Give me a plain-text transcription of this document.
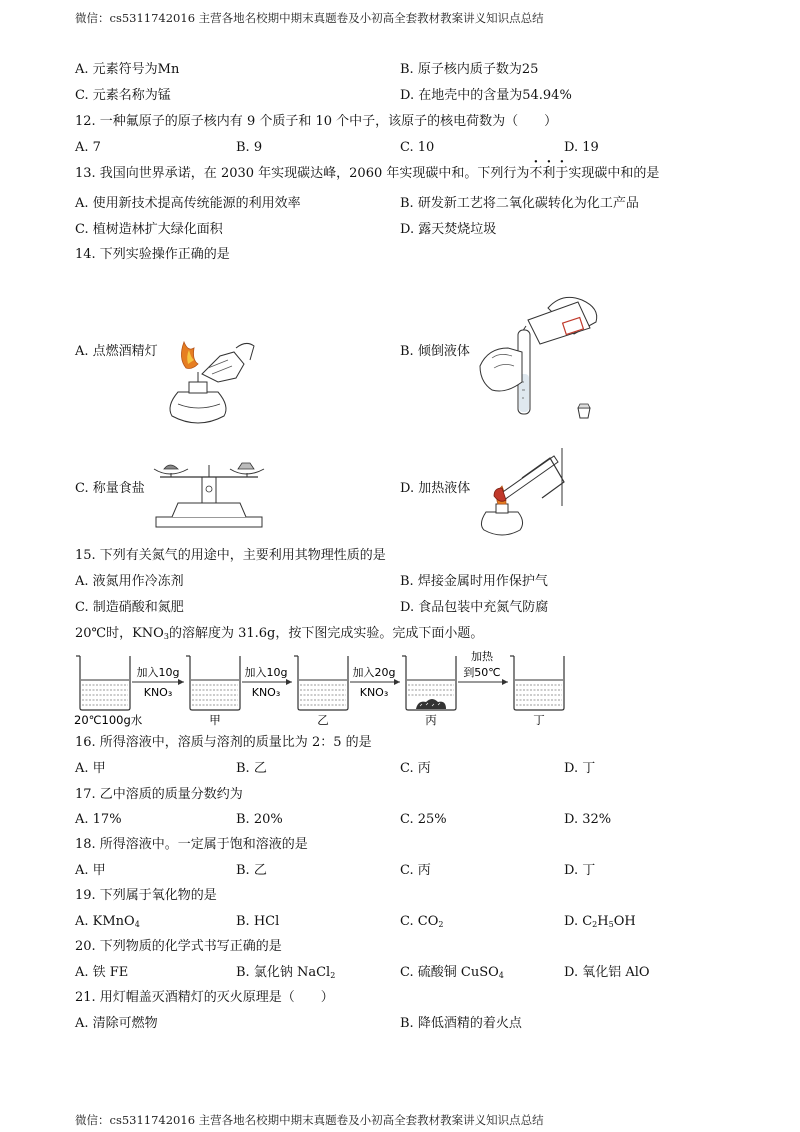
微信：cs5311742016 主营各地名校期中期末真题卷及小初高全套教材教案讲义知识点总结
A. 元素符号为Mn	B. 原子核内质子数为25
C. 元素名称为锰	D. 在地壳中的含量为54.94%
12. 一种氟原子的原子核内有 9 个质子和 10 个中子，该原子的核电荷数为（　　）
A. 7	B. 9	C. 10	D. 19
13. 我国向世界承诺，在 2030 年实现碳达峰，2060 年实现碳中和。下列行为不利于实现碳中和的是
A. 使用新技术提高传统能源的利用效率	B. 研发新工艺将二氧化碳转化为化工产品
C. 植树造林扩大绿化面积	D. 露天焚烧垃圾
14. 下列实验操作正确的是
A. 点燃酒精灯	B. 倾倒液体
C. 称量食盐	D. 加热液体
15. 下列有关氮气的用途中，主要利用其物理性质的是
A. 液氮用作冷冻剂	B. 焊接金属时用作保护气
C. 制造硝酸和氮肥	D. 食品包装中充氮气防腐
20℃时，$KNO_3$的溶解度为 31.6g，按下图完成实验。完成下面小题。
加入10g
KNO₃
加入10g
KNO₃
加入20g
KNO₃
加热
到50℃
20℃100g水	甲	乙	丙	丁
16. 所得溶液中，溶质与溶剂的质量比为 2：5 的是
A. 甲	B. 乙	C. 丙	D. 丁
17. 乙中溶质的质量分数约为
A. 17%	B. 20%	C. 25%	D. 32%
18. 所得溶液中。一定属于饱和溶液的是
A. 甲	B. 乙	C. 丙	D. 丁
19. 下列属于氧化物的是
A. KMnO$_4$	B. HCl	C. $CO_2$	D. $C_2H_5OH$
20. 下列物质的化学式书写正确的是
A. 铁 FE	B. 氯化钠 NaCl$_2$	C. 硫酸铜 CuSO$_4$	D. 氧化铝 AlO
21. 用灯帽盖灭酒精灯的灭火原理是（　　）
A. 清除可燃物	B. 降低酒精的着火点
微信：cs5311742016 主营各地名校期中期末真题卷及小初高全套教材教案讲义知识点总结
